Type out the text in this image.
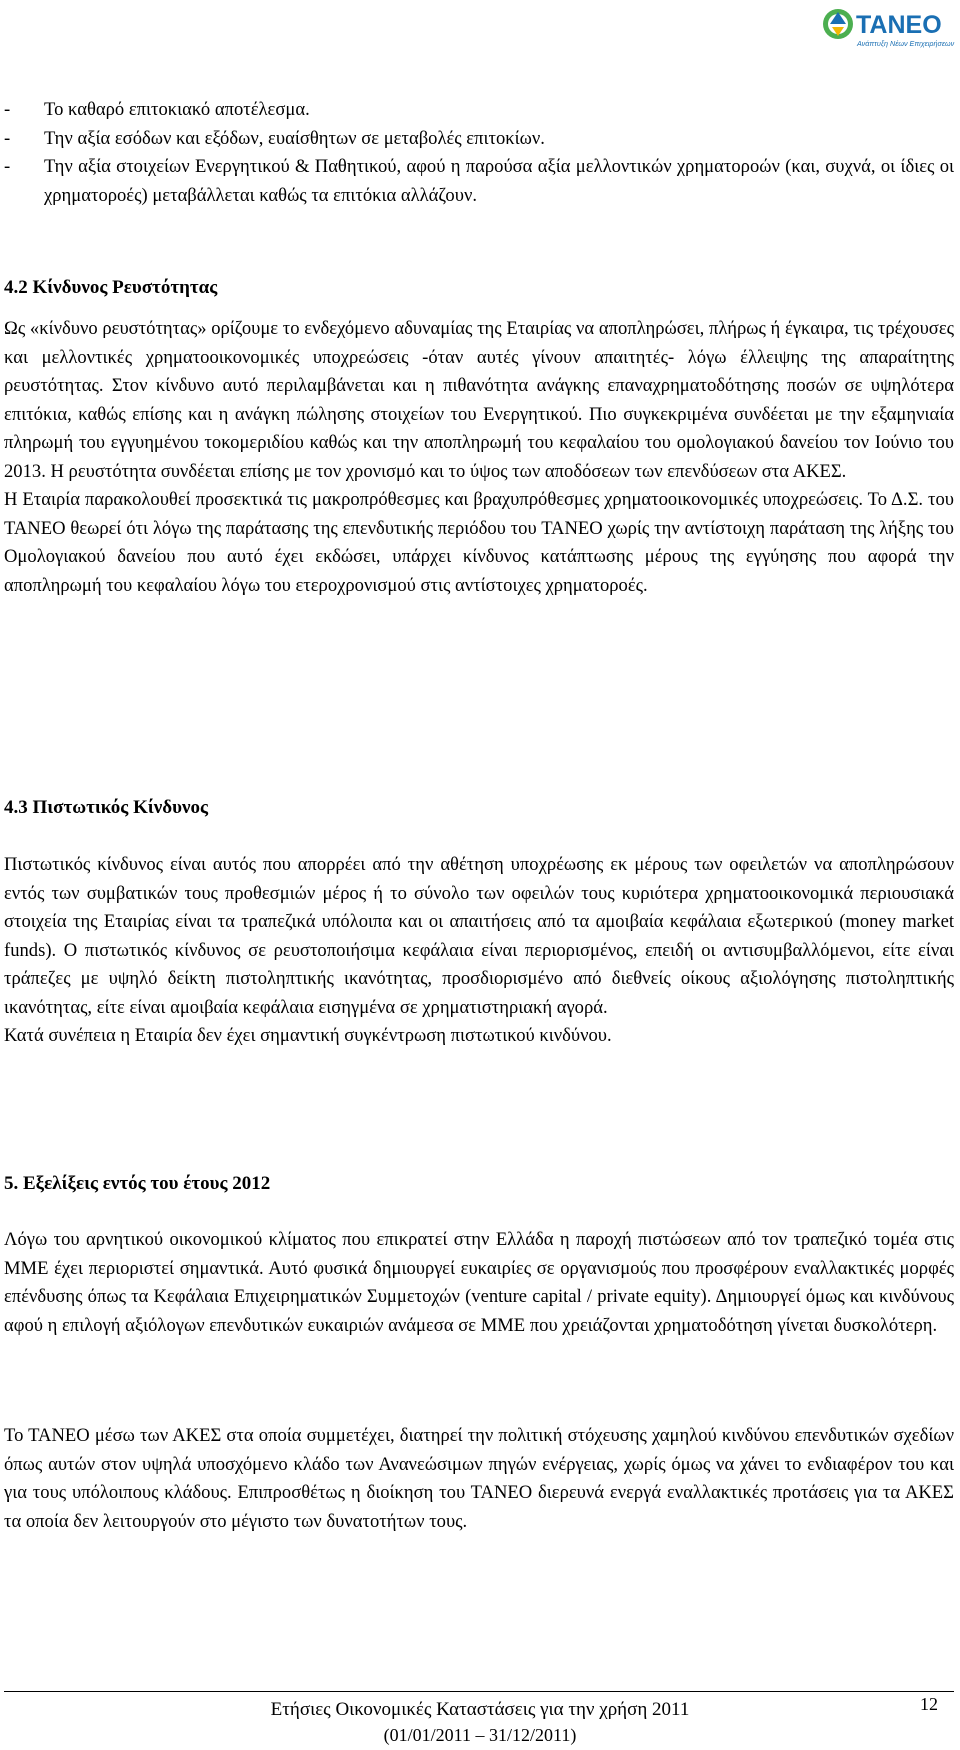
TANEO
Ανάπτυξη Νέων Επιχειρήσεων
-	Το καθαρό επιτοκιακό αποτέλεσμα.
-	Την αξία εσόδων και εξόδων, ευαίσθητων σε μεταβολές επιτοκίων.
-	Την αξία στοιχείων Ενεργητικού & Παθητικού, αφού η παρούσα αξία μελλοντικών χρηματοροών (και, συχνά, οι ίδιες οι χρηματοροές) μεταβάλλεται καθώς τα επιτόκια αλλάζουν.
4.2 Κίνδυνος Ρευστότητας

Ως «κίνδυνο ρευστότητας» ορίζουμε το ενδεχόμενο αδυναμίας της Εταιρίας να αποπληρώσει, πλήρως ή έγκαιρα, τις τρέχουσες και μελλοντικές χρηματοοικονομικές υποχρεώσεις -όταν αυτές γίνουν απαιτητές- λόγω έλλειψης της απαραίτητης ρευστότητας. Στον κίνδυνο αυτό περιλαμβάνεται και η πιθανότητα ανάγκης επαναχρηματοδότησης ποσών σε υψηλότερα επιτόκια, καθώς επίσης και η ανάγκη πώλησης στοιχείων του Ενεργητικού. Πιο συγκεκριμένα συνδέεται με την εξαμηνιαία πληρωμή του εγγυημένου τοκομεριδίου καθώς και την αποπληρωμή του κεφαλαίου του ομολογιακού δανείου τον Ιούνιο του 2013. Η ρευστότητα συνδέεται επίσης με τον χρονισμό και το ύψος των αποδόσεων των επενδύσεων στα ΑΚΕΣ.

Η Εταιρία παρακολουθεί προσεκτικά τις μακροπρόθεσμες και βραχυπρόθεσμες χρηματοοικονομικές υποχρεώσεις. Το Δ.Σ. του ΤΑΝΕΟ θεωρεί ότι λόγω της παράτασης της επενδυτικής περιόδου του ΤΑΝΕΟ χωρίς την αντίστοιχη παράταση της λήξης του Ομολογιακού δανείου που αυτό έχει εκδώσει, υπάρχει κίνδυνος κατάπτωσης μέρους της εγγύησης που αφορά την αποπληρωμή του κεφαλαίου λόγω του ετεροχρονισμού στις αντίστοιχες χρηματοροές.

4.3 Πιστωτικός Κίνδυνος

Πιστωτικός κίνδυνος είναι αυτός που απορρέει από την αθέτηση υποχρέωσης εκ μέρους των οφειλετών να αποπληρώσουν εντός των συμβατικών τους προθεσμιών μέρος ή το σύνολο των οφειλών τους κυριότερα χρηματοοικονομικά περιουσιακά στοιχεία της Εταιρίας είναι τα τραπεζικά υπόλοιπα και οι απαιτήσεις από τα αμοιβαία κεφάλαια εξωτερικού (money market funds). Ο πιστωτικός κίνδυνος σε ρευστοποιήσιμα κεφάλαια είναι περιορισμένος, επειδή οι αντισυμβαλλόμενοι, είτε είναι τράπεζες με υψηλό δείκτη πιστοληπτικής ικανότητας, προσδιορισμένο από διεθνείς οίκους αξιολόγησης πιστοληπτικής ικανότητας, είτε είναι αμοιβαία κεφάλαια εισηγμένα σε χρηματιστηριακή αγορά.

Κατά συνέπεια η Εταιρία δεν έχει σημαντική συγκέντρωση πιστωτικού κινδύνου.

5. Εξελίξεις εντός του έτους 2012

Λόγω του αρνητικού οικονομικού κλίματος που επικρατεί στην Ελλάδα η παροχή πιστώσεων από τον τραπεζικό τομέα στις ΜΜΕ έχει περιοριστεί σημαντικά. Αυτό φυσικά δημιουργεί ευκαιρίες σε οργανισμούς που προσφέρουν εναλλακτικές μορφές επένδυσης όπως τα Κεφάλαια Επιχειρηματικών Συμμετοχών (venture capital / private equity). Δημιουργεί όμως και κινδύνους αφού η επιλογή αξιόλογων επενδυτικών ευκαιριών ανάμεσα σε ΜΜΕ που χρειάζονται χρηματοδότηση γίνεται δυσκολότερη.

Το ΤΑΝΕΟ μέσω των ΑΚΕΣ στα οποία συμμετέχει, διατηρεί την πολιτική στόχευσης χαμηλού κινδύνου επενδυτικών σχεδίων όπως αυτών στον υψηλά υποσχόμενο κλάδο των Ανανεώσιμων πηγών ενέργειας, χωρίς όμως να χάνει το ενδιαφέρον του και για τους υπόλοιπους κλάδους. Επιπροσθέτως η διοίκηση του ΤΑΝΕΟ διερευνά ενεργά εναλλακτικές προτάσεις για τα ΑΚΕΣ τα οποία δεν λειτουργούν στο μέγιστο των δυνατοτήτων τους.

Ετήσιες Οικονομικές Καταστάσεις για την χρήση 2011
(01/01/2011 – 31/12/2011)
12
